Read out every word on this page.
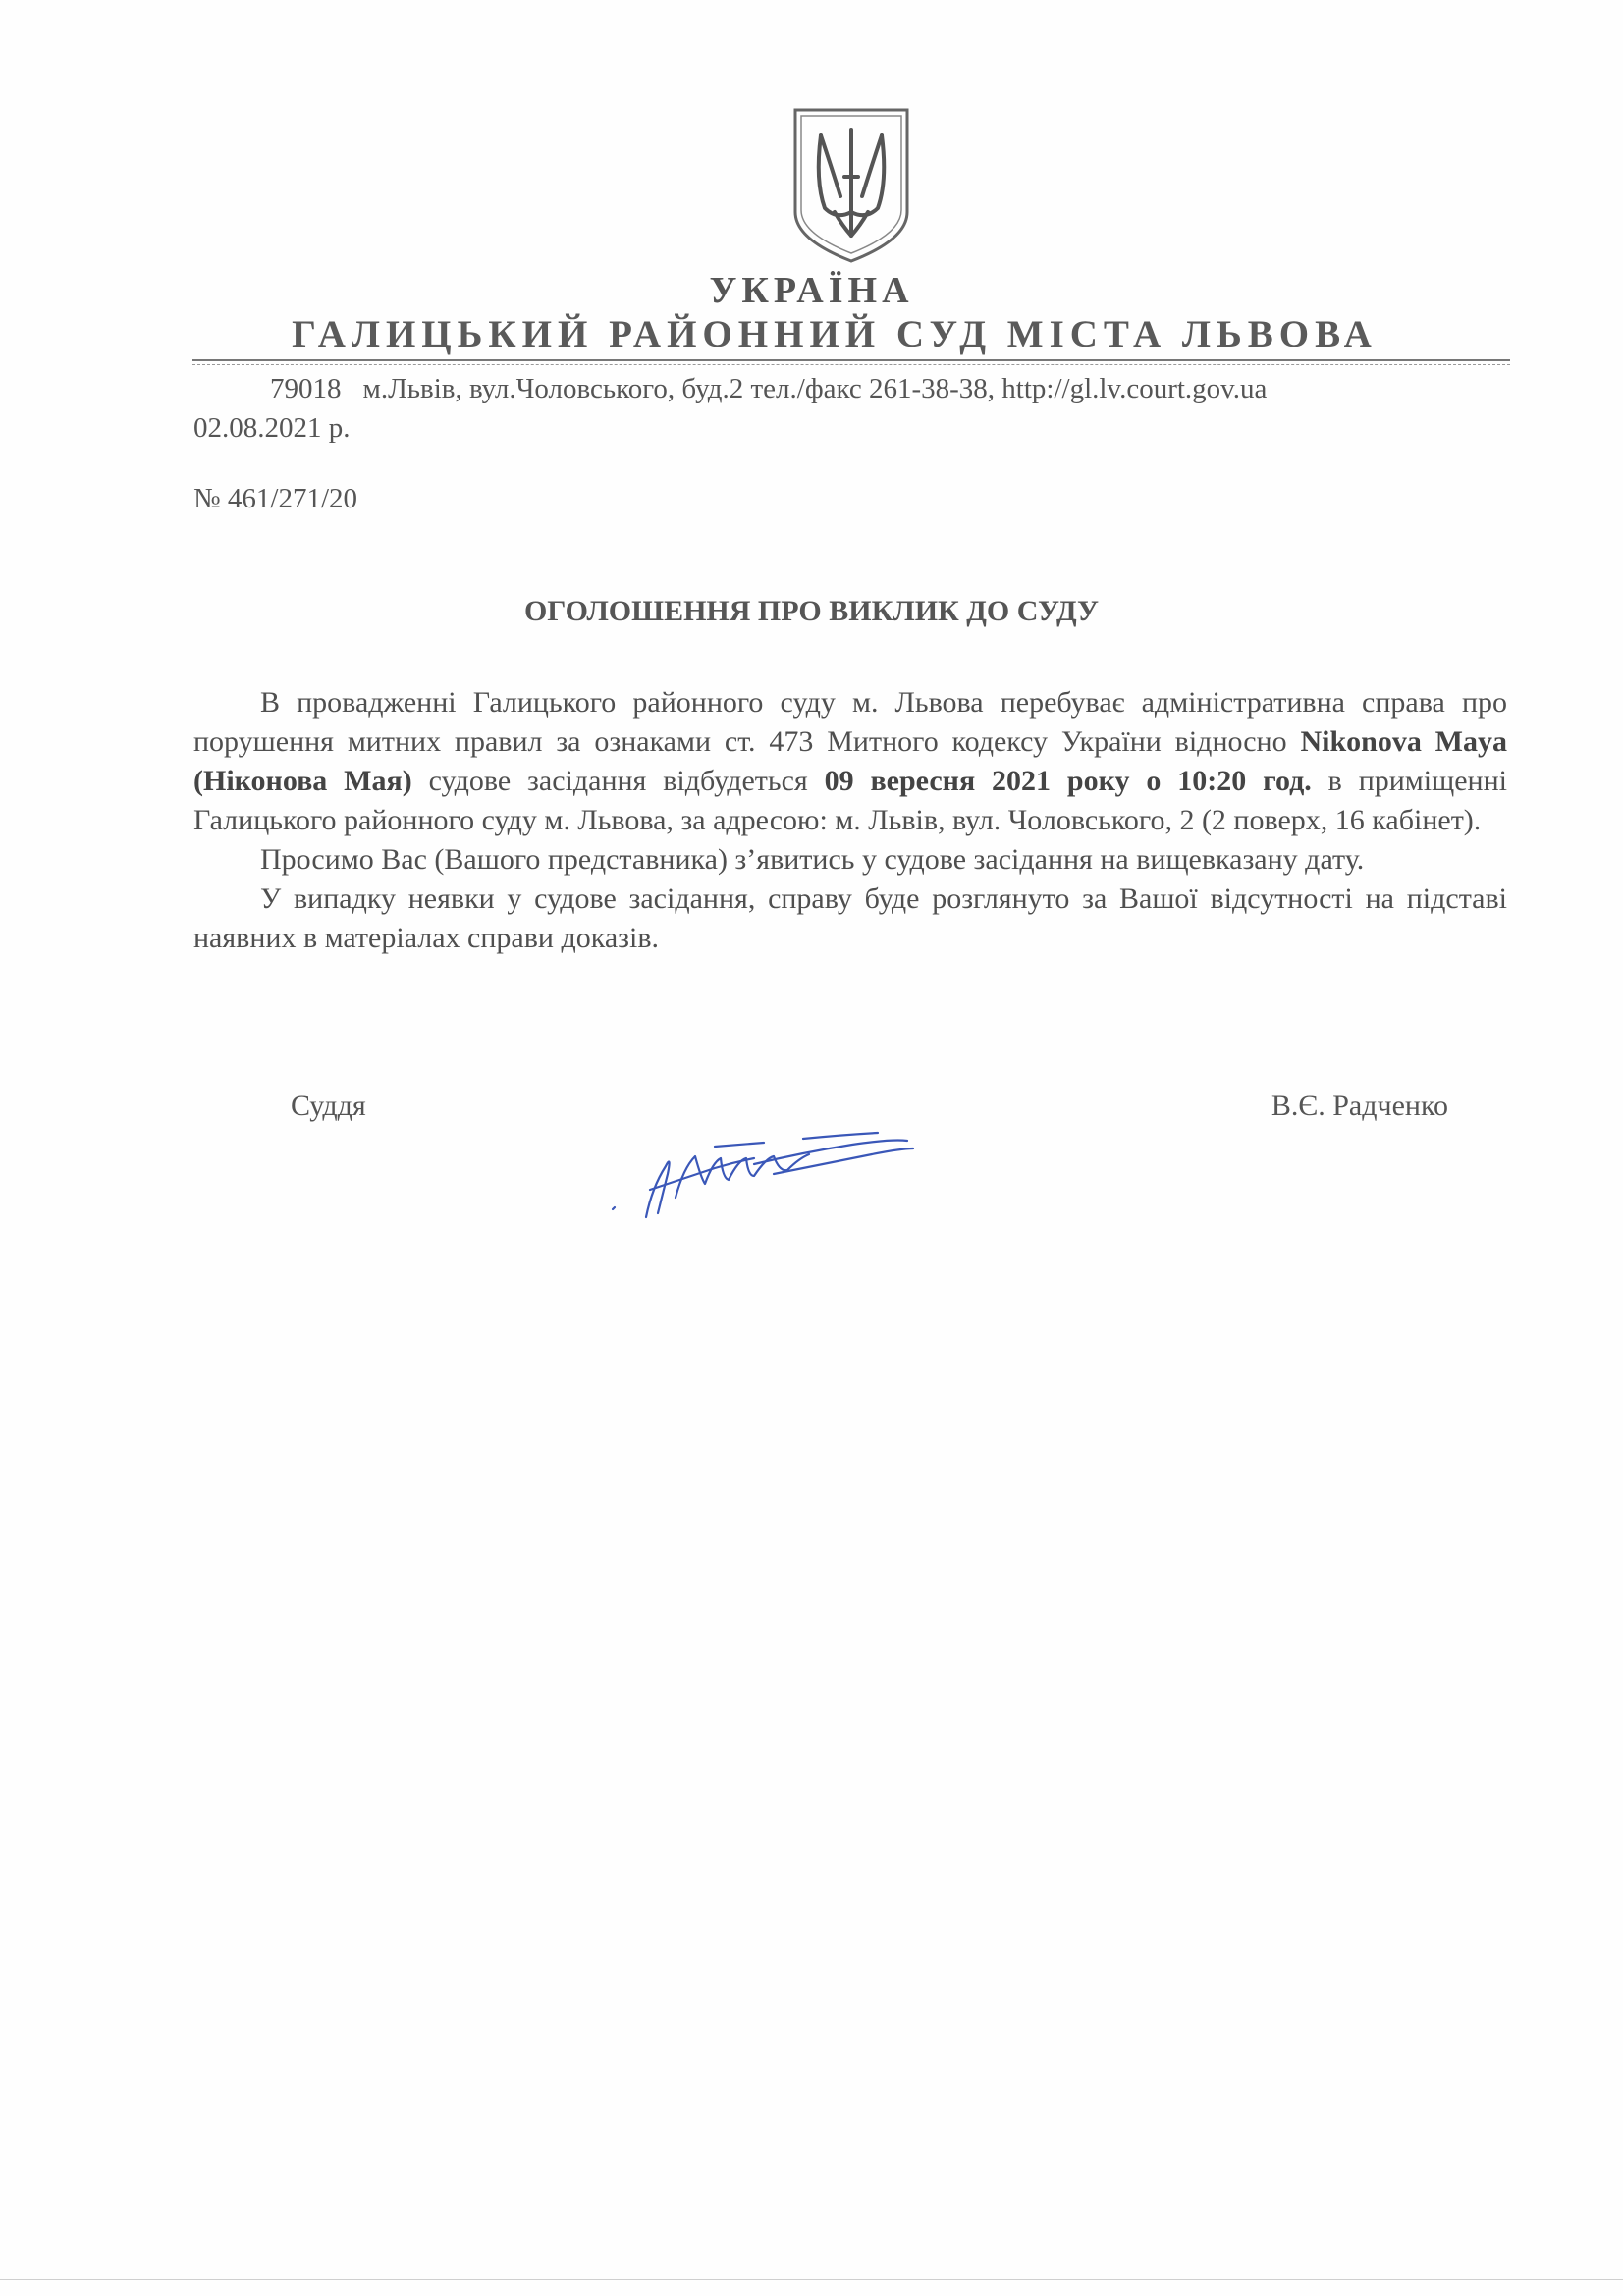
УКРАЇНА
ГАЛИЦЬКИЙ РАЙОННИЙ СУД МІСТА ЛЬВОВА
79018 м.Львів, вул.Чоловського, буд.2 тел./факс 261-38-38, http://gl.lv.court.gov.ua
02.08.2021 р.
№ 461/271/20
ОГОЛОШЕННЯ ПРО ВИКЛИК ДО СУДУ

В провадженні Галицького районного суду м. Львова перебуває адміністративна справа про порушення митних правил за ознаками ст. 473 Митного кодексу України відносно Nikonova Maya (Ніконова Мая) судове засідання відбудеться 09 вересня 2021 року о 10:20 год. в приміщенні Галицького районного суду м. Львова, за адресою: м. Львів, вул. Чоловського, 2 (2 поверх, 16 кабінет).

Просимо Вас (Вашого представника) з’явитись у судове засідання на вищевказану дату.

У випадку неявки у судове засідання, справу буде розглянуто за Вашої відсутності на підставі наявних в матеріалах справи доказів.

Суддя	В.Є. Радченко
